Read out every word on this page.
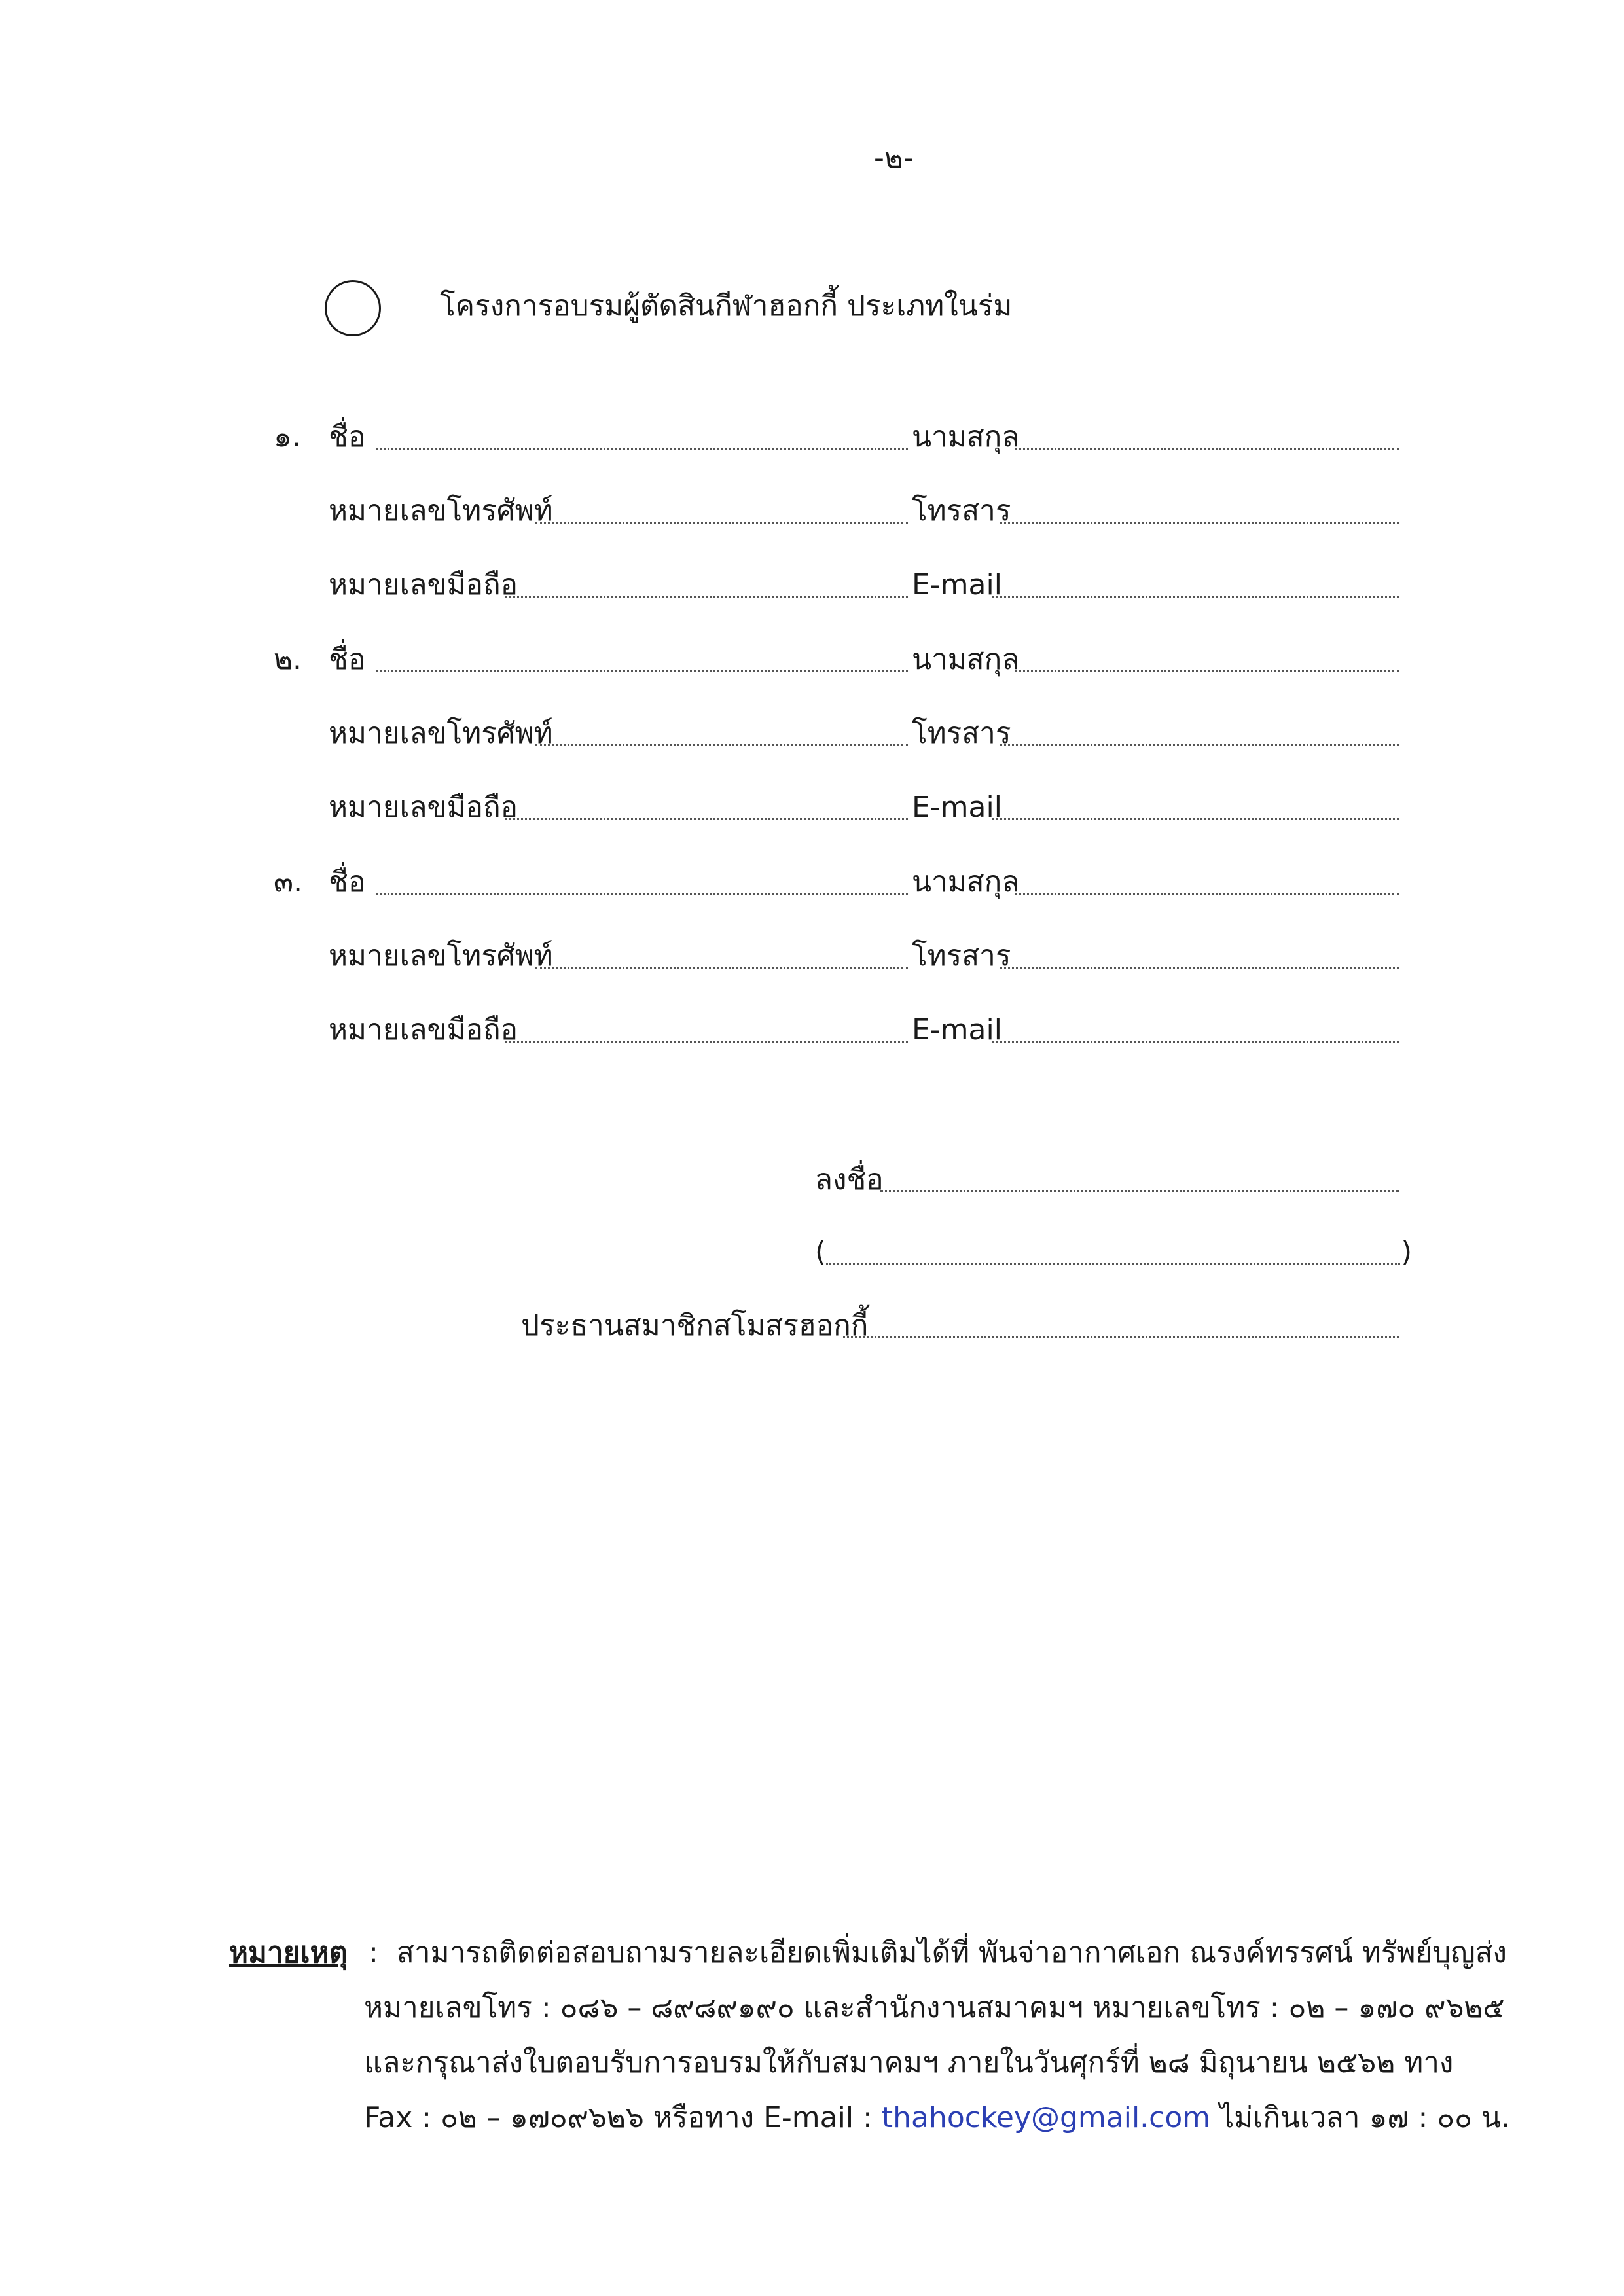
-๒-
โครงการอบรมผู้ตัดสินกีฬาฮอกกี้ ประเภทในร่ม
๑. ชื่อ	นามสกุล
หมายเลขโทรศัพท์	โทรสาร
หมายเลขมือถือ	E-mail
๒. ชื่อ	นามสกุล
หมายเลขโทรศัพท์	โทรสาร
หมายเลขมือถือ	E-mail
๓. ชื่อ	นามสกุล
หมายเลขโทรศัพท์	โทรสาร
หมายเลขมือถือ	E-mail
ลงชื่อ
(	)
ประธานสมาชิกสโมสรฮอกกี้
หมายเหตุ : สามารถติดต่อสอบถามรายละเอียดเพิ่มเติมได้ที่ พันจ่าอากาศเอก ณรงค์ทรรศน์ ทรัพย์บุญส่ง
หมายเลขโทร : ๐๘๖ – ๘๙๘๙๑๙๐ และสำนักงานสมาคมฯ หมายเลขโทร : ๐๒ – ๑๗๐ ๙๖๒๕
และกรุณาส่งใบตอบรับการอบรมให้กับสมาคมฯ ภายในวันศุกร์ที่ ๒๘ มิถุนายน ๒๕๖๒ ทาง
Fax : ๐๒ – ๑๗๐๙๖๒๖ หรือทาง E-mail : thahockey@gmail.com ไม่เกินเวลา ๑๗ : ๐๐ น.
